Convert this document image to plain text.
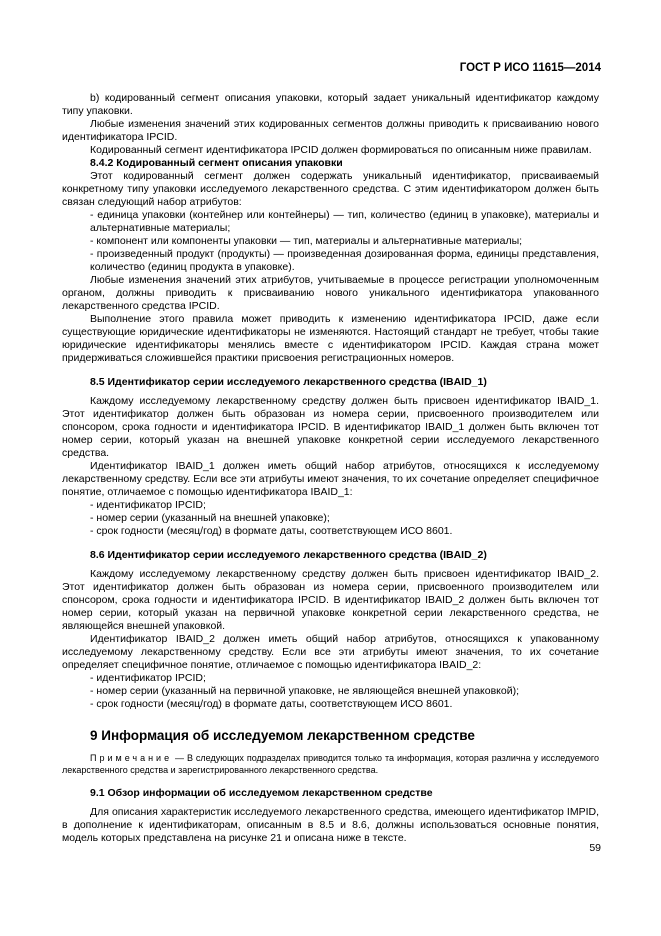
ГОСТ Р ИСО 11615—2014

b) кодированный сегмент описания упаковки, который задает уникальный идентификатор каждому типу упаковки.

Любые изменения значений этих кодированных сегментов должны приводить к присваиванию нового идентификатора IPCID.

Кодированный сегмент идентификатора IPCID должен формироваться по описанным ниже правилам.

8.4.2 Кодированный сегмент описания упаковки

Этот кодированный сегмент должен содержать уникальный идентификатор, присваиваемый конкретному типу упаковки исследуемого лекарственного средства. С этим идентификатором должен быть связан следующий набор атрибутов:

- единица упаковки (контейнер или контейнеры) — тип, количество (единиц в упаковке), материалы и альтернативные материалы;

- компонент или компоненты упаковки — тип, материалы и альтернативные материалы;

- произведенный продукт (продукты) — произведенная дозированная форма, единицы представления, количество (единиц продукта в упаковке).

Любые изменения значений этих атрибутов, учитываемые в процессе регистрации уполномоченным органом, должны приводить к присваиванию нового уникального идентификатора упакованного лекарственного средства IPCID.

Выполнение этого правила может приводить к изменению идентификатора IPCID, даже если существующие юридические идентификаторы не изменяются. Настоящий стандарт не требует, чтобы такие юридические идентификаторы менялись вместе с идентификатором IPCID. Каждая страна может придерживаться сложившейся практики присвоения регистрационных номеров.

8.5 Идентификатор серии исследуемого лекарственного средства (IBAID_1)

Каждому исследуемому лекарственному средству должен быть присвоен идентификатор IBAID_1. Этот идентификатор должен быть образован из номера серии, присвоенного производителем или спонсором, срока годности и идентификатора IPCID. В идентификатор IBAID_1 должен быть включен тот номер серии, который указан на внешней упаковке конкретной серии исследуемого лекарственного средства.

Идентификатор IBAID_1 должен иметь общий набор атрибутов, относящихся к исследуемому лекарственному средству. Если все эти атрибуты имеют значения, то их сочетание определяет специфичное понятие, отличаемое с помощью идентификатора IBAID_1:

- идентификатор IPCID;

- номер серии (указанный на внешней упаковке);

- срок годности (месяц/год) в формате даты, соответствующем ИСО 8601.

8.6 Идентификатор серии исследуемого лекарственного средства (IBAID_2)

Каждому исследуемому лекарственному средству должен быть присвоен идентификатор IBAID_2. Этот идентификатор должен быть образован из номера серии, присвоенного производителем или спонсором, срока годности и идентификатора IPCID. В идентификатор IBAID_2 должен быть включен тот номер серии, который указан на первичной упаковке конкретной серии лекарственного средства, не являющейся внешней упаковкой.

Идентификатор IBAID_2 должен иметь общий набор атрибутов, относящихся к упакованному исследуемому лекарственному средству. Если все эти атрибуты имеют значения, то их сочетание определяет специфичное понятие, отличаемое с помощью идентификатора IBAID_2:

- идентификатор IPCID;

- номер серии (указанный на первичной упаковке, не являющейся внешней упаковкой);

- срок годности (месяц/год) в формате даты, соответствующем ИСО 8601.

9 Информация об исследуемом лекарственном средстве

Примечание — В следующих подразделах приводится только та информация, которая различна у исследуемого лекарственного средства и зарегистрированного лекарственного средства.

9.1 Обзор информации об исследуемом лекарственном средстве

Для описания характеристик исследуемого лекарственного средства, имеющего идентификатор IMPID, в дополнение к идентификаторам, описанным в 8.5 и 8.6, должны использоваться основные понятия, модель которых представлена на рисунке 21 и описана ниже в тексте.

59
